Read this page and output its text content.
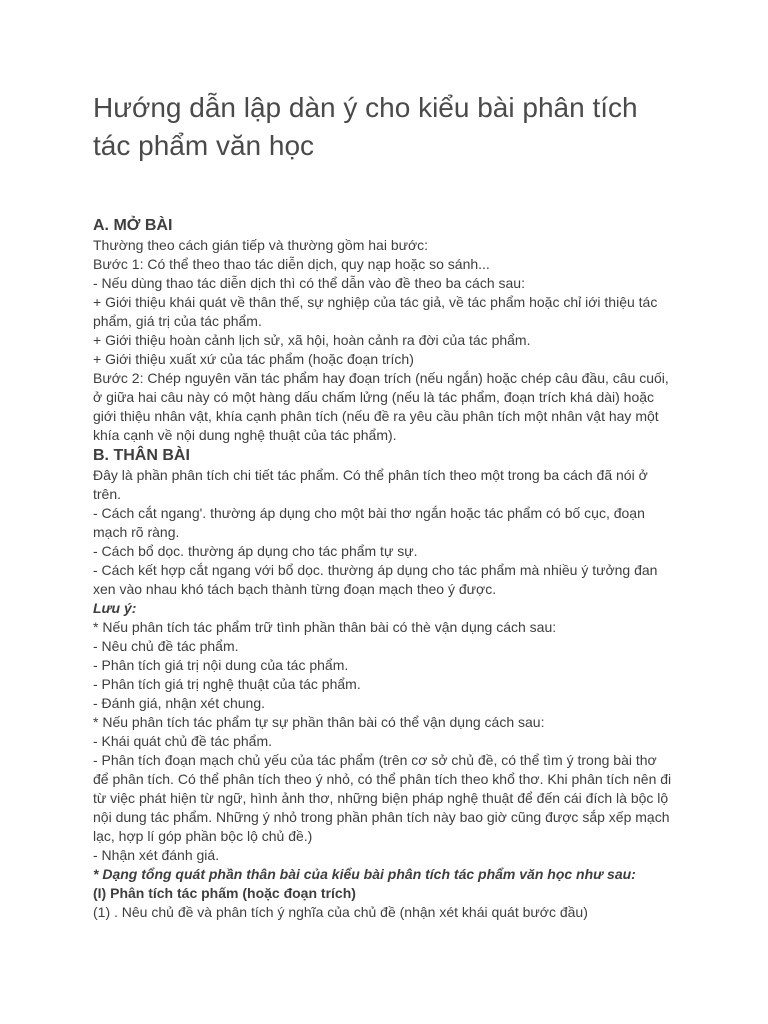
Hướng dẫn lập dàn ý cho kiểu bài phân tích tác phẩm văn học

A. MỞ BÀI

Thường theo cách gián tiếp và thường gồm hai bước:

Bước 1: Có thể theo thao tác diễn dịch, quy nạp hoặc so sánh...

- Nếu dùng thao tác diễn dịch thì có thể dẫn vào đề theo ba cách sau:

+ Giới thiệu khái quát về thân thế, sự nghiệp của tác giả, về tác phẩm hoặc chỉ iới thiệu tác phẩm, giá trị của tác phẩm.

+ Giới thiệu hoàn cảnh lịch sử, xã hội, hoàn cảnh ra đời của tác phẩm.

+ Giới thiệu xuất xứ của tác phẩm (hoặc đoạn trích)

Bước 2: Chép nguyên văn tác phẩm hay đoạn trích (nếu ngắn) hoặc chép câu đầu, câu cuối, ở giữa hai câu này có một hàng dấu chấm lửng (nếu là tác phẩm, đoạn trích khá dài) hoặc giới thiệu nhân vật, khía cạnh phân tích (nếu đề ra yêu cầu phân tích một nhân vật hay một khía cạnh về nội dung nghệ thuật của tác phẩm).

B. THÂN BÀI

Đây là phần phân tích chi tiết tác phẩm. Có thể phân tích theo một trong ba cách đã nói ở trên.

- Cách cắt ngang'. thường áp dụng cho một bài thơ ngắn hoặc tác phẩm có bố cục, đoạn mạch rõ ràng.

- Cách bổ dọc. thường áp dụng cho tác phẩm tự sự.

- Cách kết hợp cắt ngang với bổ dọc. thường áp dụng cho tác phẩm mà nhiều ý tưởng đan xen vào nhau khó tách bạch thành từng đoạn mạch theo ý được.

Lưu ý:

* Nếu phân tích tác phẩm trữ tình phần thân bài có thè vận dụng cách sau:

- Nêu chủ đề tác phẩm.

- Phân tích giá trị nội dung của tác phẩm.

- Phân tích giá trị nghệ thuật của tác phẩm.

- Đánh giá, nhận xét chung.

* Nếu phân tích tác phẩm tự sự phần thân bài có thể vận dụng cách sau:

- Khái quát chủ đề tác phẩm.

- Phân tích đoạn mạch chủ yếu của tác phẩm (trên cơ sở chủ đề, có thể tìm ý trong bài thơ để phân tích. Có thể phân tích theo ý nhỏ, có thể phân tích theo khổ thơ. Khi phân tích nên đi từ việc phát hiện từ ngữ, hình ảnh thơ, những biện pháp nghệ thuật để đến cái đích là bộc lộ nội dung tác phẩm. Những ý nhỏ trong phần phân tích này bao giờ cũng được sắp xếp mạch lạc, hợp lí góp phần bộc lộ chủ đề.)

- Nhận xét đánh giá.

* Dạng tổng quát phần thân bài của kiểu bài phân tích tác phẩm văn học như sau:

(I) Phân tích tác phấm (hoặc đoạn trích)

(1) . Nêu chủ đề và phân tích ý nghĩa của chủ đề (nhận xét khái quát bước đầu)
